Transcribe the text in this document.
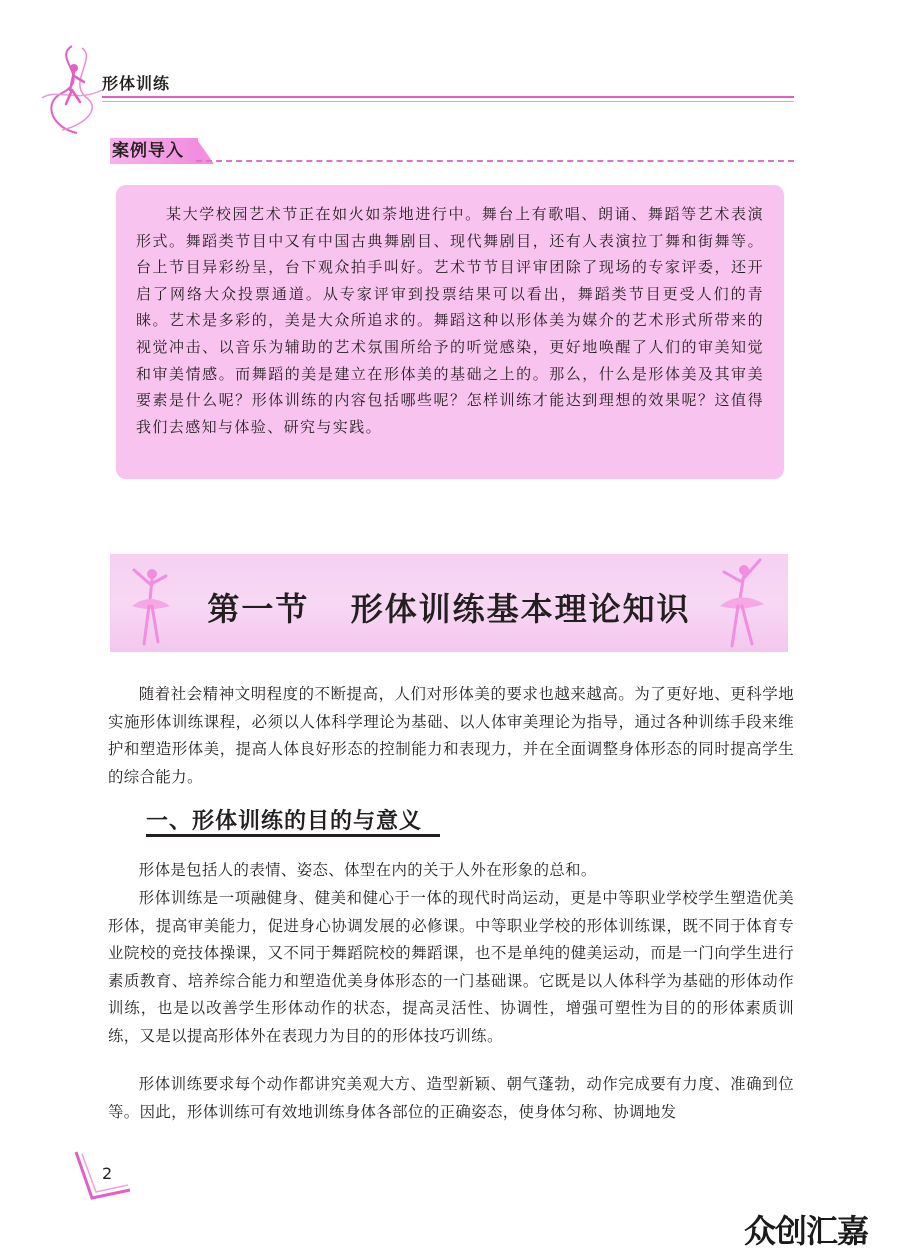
形体训练
案例导入

某大学校园艺术节正在如火如荼地进行中。舞台上有歌唱、朗诵、舞蹈等艺术表演形式。舞蹈类节目中又有中国古典舞剧目、现代舞剧目，还有人表演拉丁舞和街舞等。台上节目异彩纷呈，台下观众拍手叫好。艺术节节目评审团除了现场的专家评委，还开启了网络大众投票通道。从专家评审到投票结果可以看出，舞蹈类节目更受人们的青睐。艺术是多彩的，美是大众所追求的。舞蹈这种以形体美为媒介的艺术形式所带来的视觉冲击、以音乐为辅助的艺术氛围所给予的听觉感染，更好地唤醒了人们的审美知觉和审美情感。而舞蹈的美是建立在形体美的基础之上的。那么，什么是形体美及其审美要素是什么呢？形体训练的内容包括哪些呢？怎样训练才能达到理想的效果呢？这值得我们去感知与体验、研究与实践。

第一节 形体训练基本理论知识

随着社会精神文明程度的不断提高，人们对形体美的要求也越来越高。为了更好地、更科学地实施形体训练课程，必须以人体科学理论为基础、以人体审美理论为指导，通过各种训练手段来维护和塑造形体美，提高人体良好形态的控制能力和表现力，并在全面调整身体形态的同时提高学生的综合能力。

一、形体训练的目的与意义

形体是包括人的表情、姿态、体型在内的关于人外在形象的总和。

形体训练是一项融健身、健美和健心于一体的现代时尚运动，更是中等职业学校学生塑造优美形体，提高审美能力，促进身心协调发展的必修课。中等职业学校的形体训练课，既不同于体育专业院校的竞技体操课，又不同于舞蹈院校的舞蹈课，也不是单纯的健美运动，而是一门向学生进行素质教育、培养综合能力和塑造优美身体形态的一门基础课。它既是以人体科学为基础的形体动作训练，也是以改善学生形体动作的状态，提高灵活性、协调性，增强可塑性为目的的形体素质训练，又是以提高形体外在表现力为目的的形体技巧训练。

形体训练要求每个动作都讲究美观大方、造型新颖、朝气蓬勃，动作完成要有力度、准确到位等。因此，形体训练可有效地训练身体各部位的正确姿态，使身体匀称、协调地发

2
众创汇嘉
